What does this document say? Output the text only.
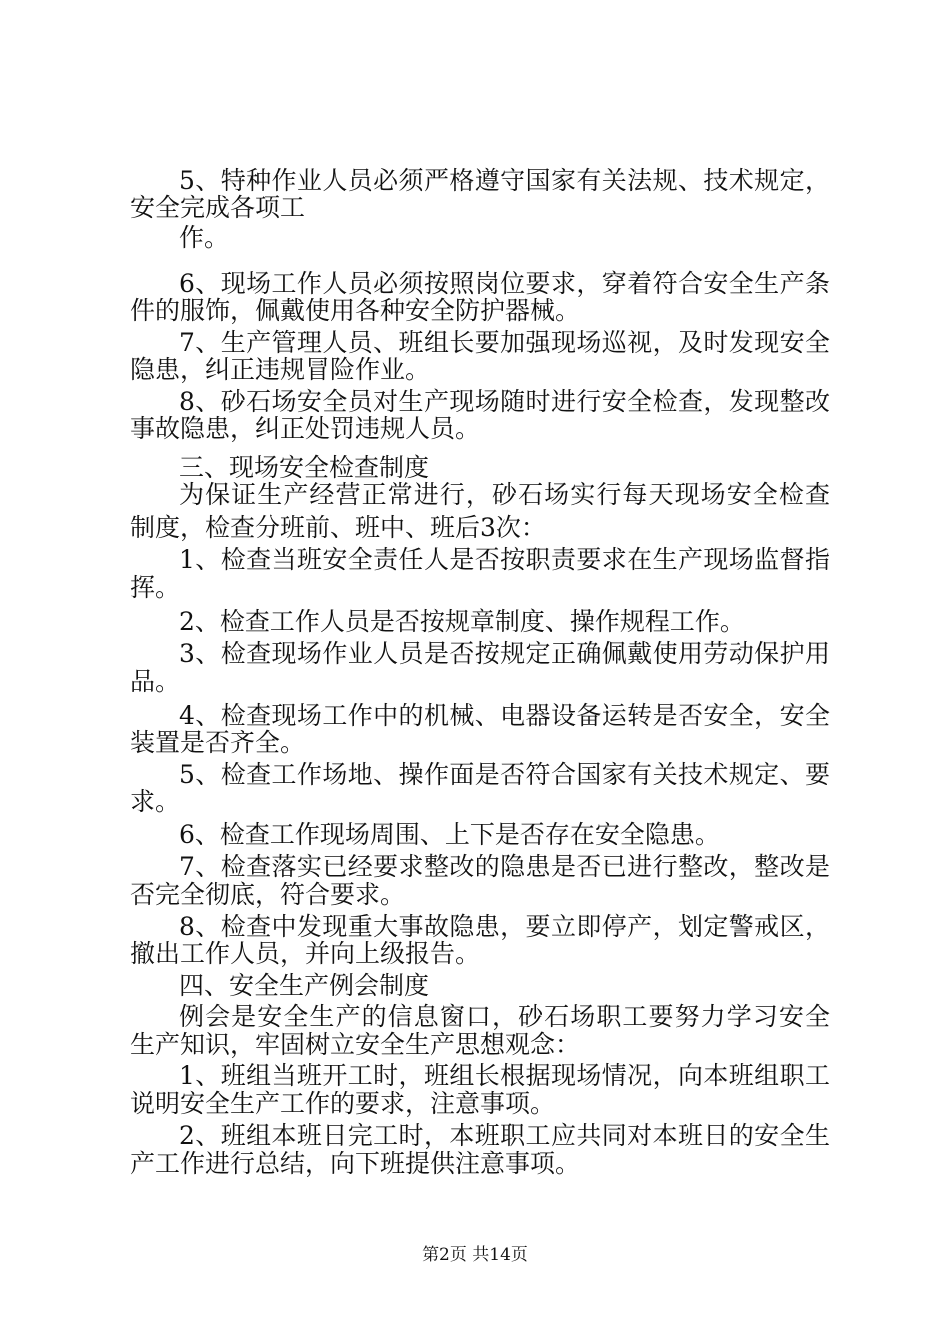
5、特种作业人员必须严格遵守国家有关法规、技术规定，
安全完成各项工
作。
6、现场工作人员必须按照岗位要求，穿着符合安全生产条
件的服饰，佩戴使用各种安全防护器械。
7、生产管理人员、班组长要加强现场巡视，及时发现安全
隐患，纠正违规冒险作业。
8、砂石场安全员对生产现场随时进行安全检查，发现整改
事故隐患，纠正处罚违规人员。
三、现场安全检查制度
为保证生产经营正常进行，砂石场实行每天现场安全检查
制度，检查分班前、班中、班后3次：
1、检查当班安全责任人是否按职责要求在生产现场监督指
挥。
2、检查工作人员是否按规章制度、操作规程工作。
3、检查现场作业人员是否按规定正确佩戴使用劳动保护用
品。
4、检查现场工作中的机械、电器设备运转是否安全，安全
装置是否齐全。
5、检查工作场地、操作面是否符合国家有关技术规定、要
求。
6、检查工作现场周围、上下是否存在安全隐患。
7、检查落实已经要求整改的隐患是否已进行整改，整改是
否完全彻底，符合要求。
8、检查中发现重大事故隐患，要立即停产，划定警戒区，
撤出工作人员，并向上级报告。
四、安全生产例会制度
例会是安全生产的信息窗口，砂石场职工要努力学习安全
生产知识，牢固树立安全生产思想观念：
1、班组当班开工时，班组长根据现场情况，向本班组职工
说明安全生产工作的要求，注意事项。
2、班组本班日完工时，本班职工应共同对本班日的安全生
产工作进行总结，向下班提供注意事项。
第2页 共14页
